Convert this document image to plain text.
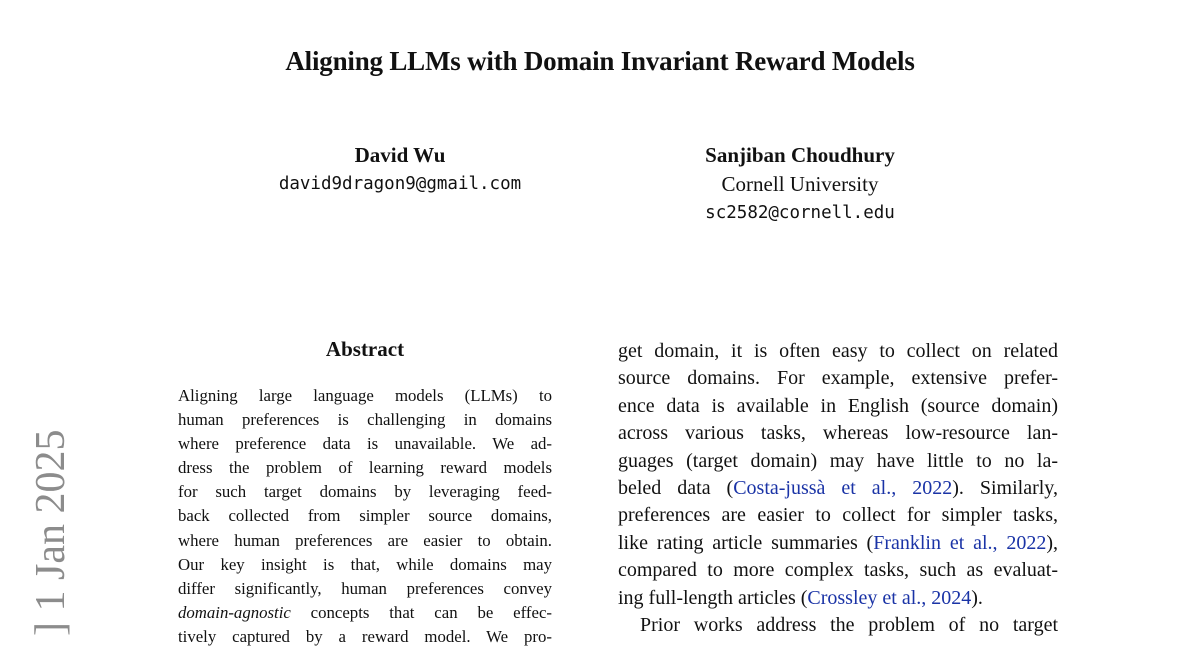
Aligning LLMs with Domain Invariant Reward Models
David Wu
david9dragon9@gmail.com
Sanjiban Choudhury
Cornell University
sc2582@cornell.edu
] 1 Jan 2025
Abstract
Aligning large language models (LLMs) to
human preferences is challenging in domains
where preference data is unavailable. We ad-
dress the problem of learning reward models
for such target domains by leveraging feed-
back collected from simpler source domains,
where human preferences are easier to obtain.
Our key insight is that, while domains may
differ significantly, human preferences convey
domain-agnostic concepts that can be effec-
tively captured by a reward model. We pro-
get domain, it is often easy to collect on related
source domains. For example, extensive prefer-
ence data is available in English (source domain)
across various tasks, whereas low-resource lan-
guages (target domain) may have little to no la-
beled data (Costa-jussà et al., 2022). Similarly,
preferences are easier to collect for simpler tasks,
like rating article summaries (Franklin et al., 2022),
compared to more complex tasks, such as evaluat-
ing full-length articles (Crossley et al., 2024).
Prior works address the problem of no target
